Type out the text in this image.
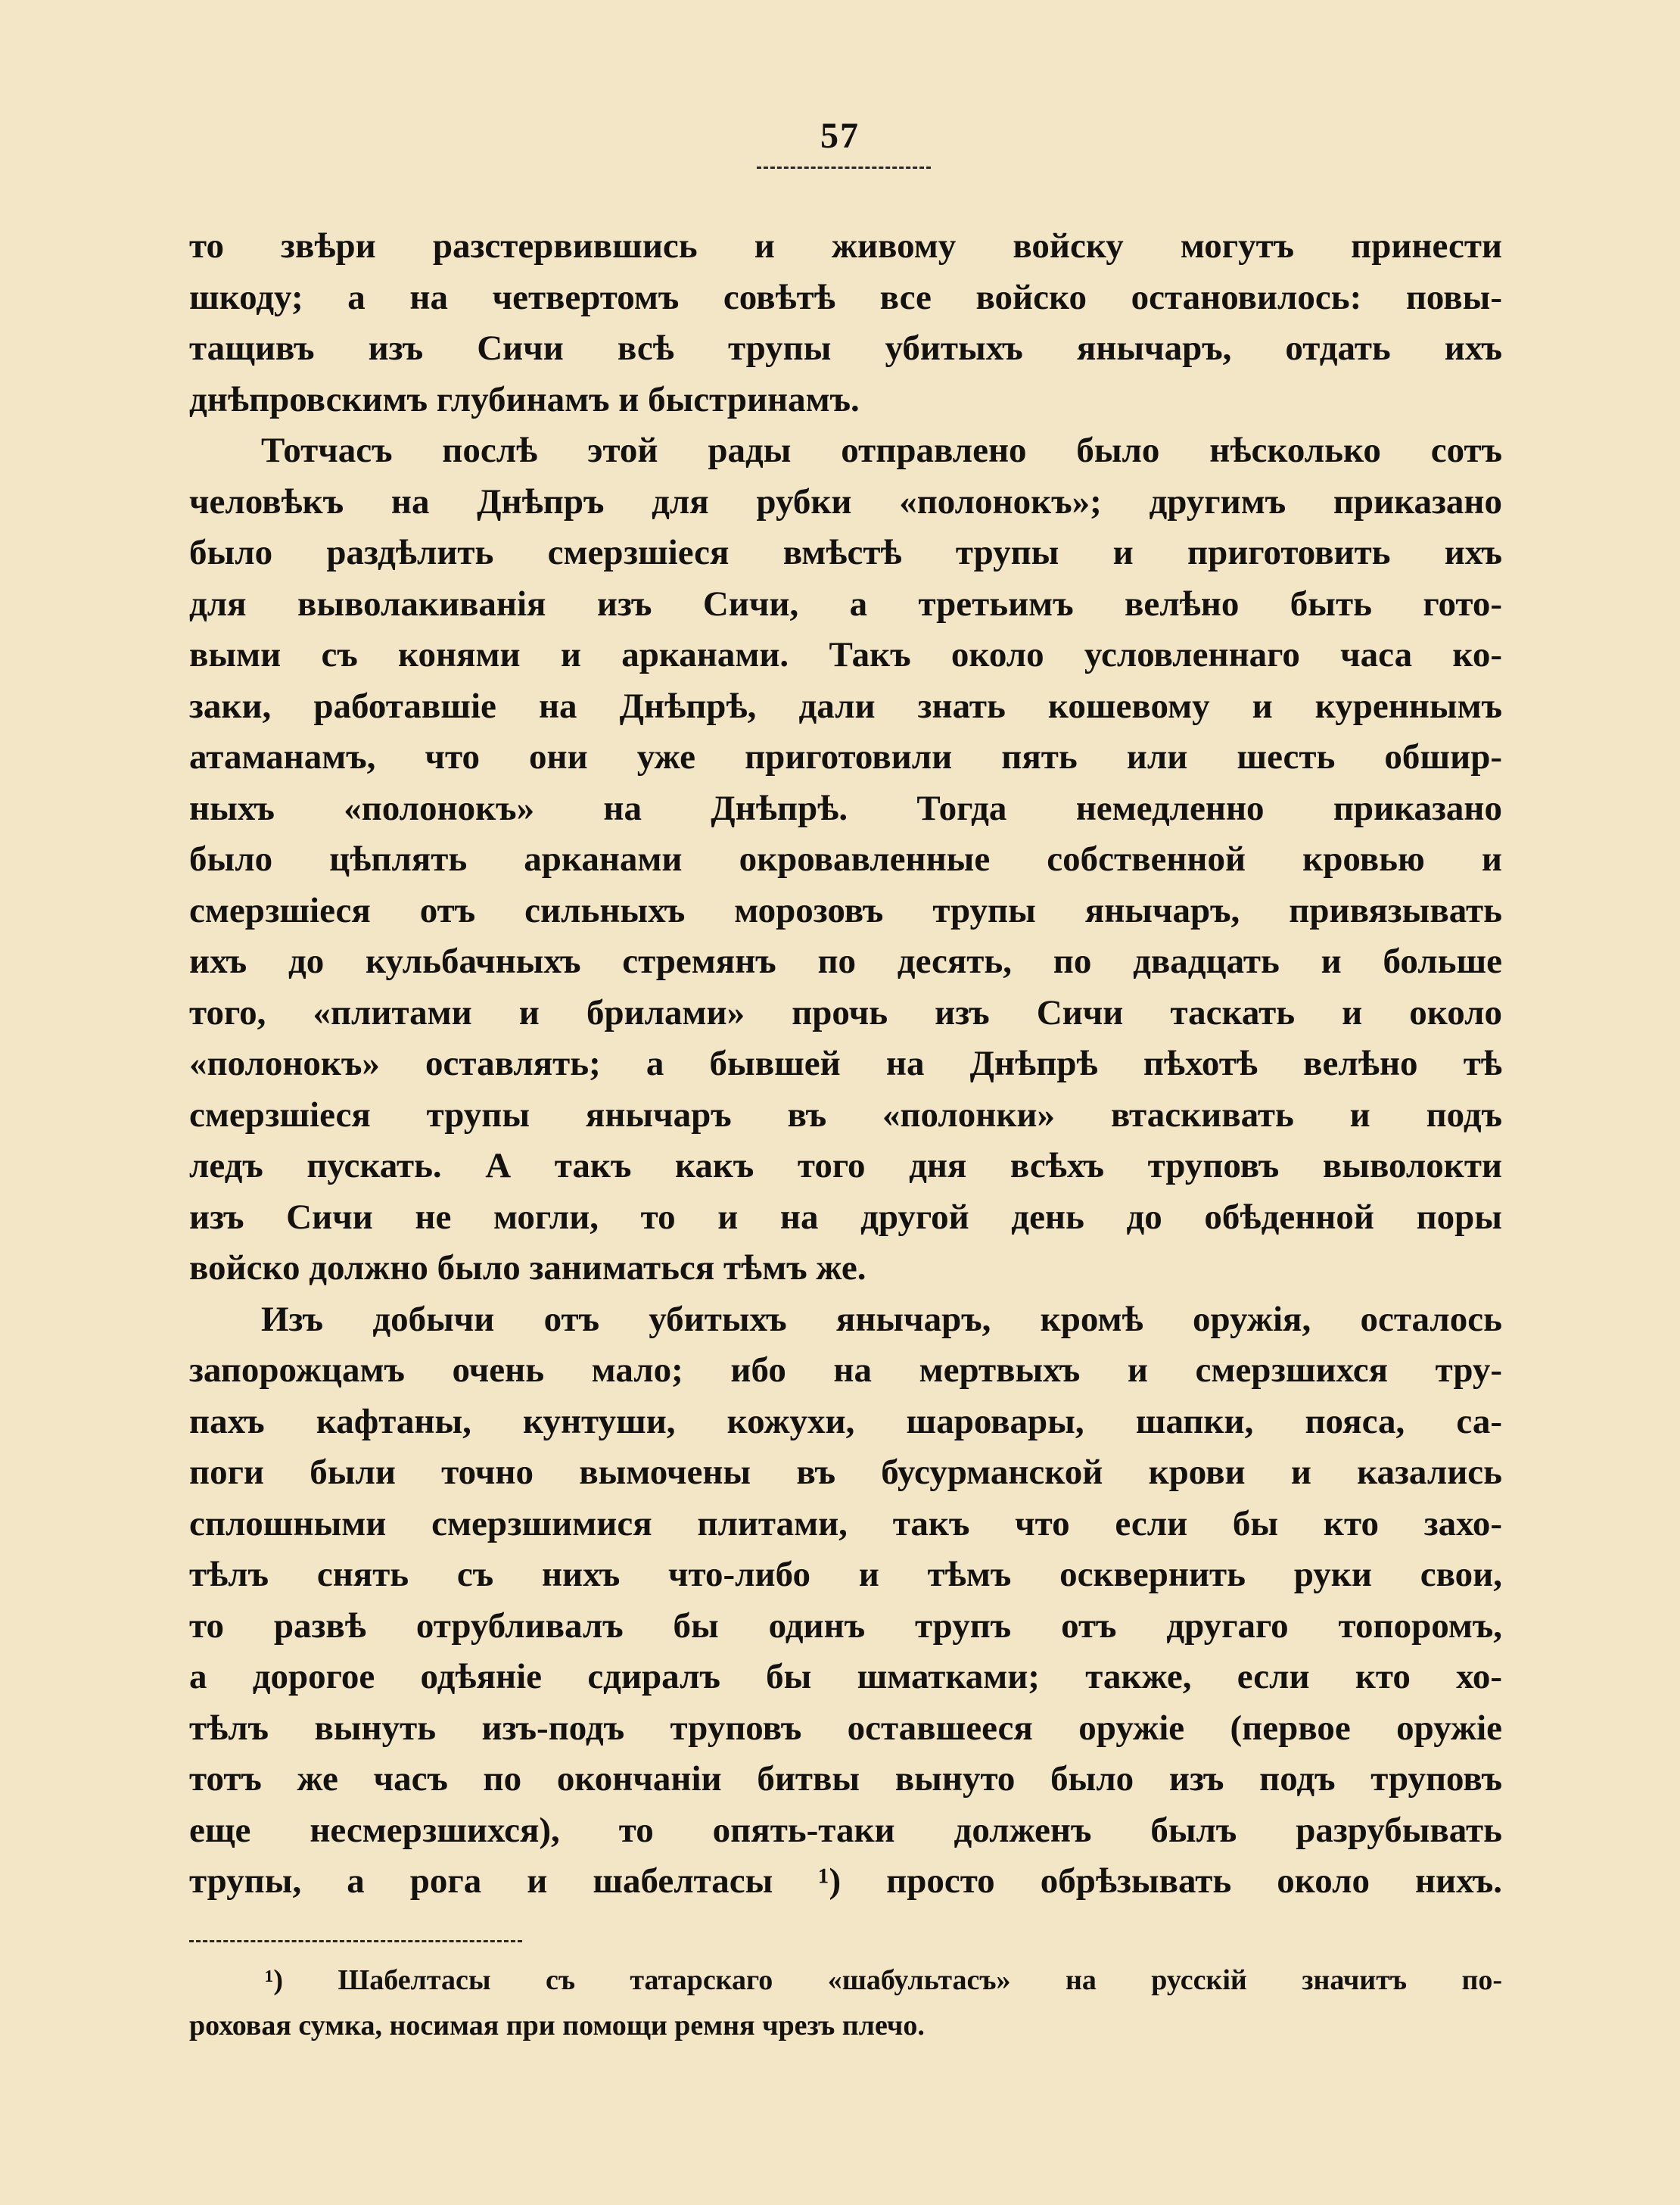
57
то звѣри разстервившись и живому войску могутъ принести
шкоду; а на четвертомъ совѣтѣ все войско остановилось: повы-
тащивъ изъ Сичи всѣ трупы убитыхъ янычаръ, отдать ихъ
днѣпровскимъ глубинамъ и быстринамъ.
Тотчасъ послѣ этой рады отправлено было нѣсколько сотъ
человѣкъ на Днѣпръ для рубки «полонокъ»; другимъ приказано
было раздѣлить смерзшіеся вмѣстѣ трупы и приготовить ихъ
для выволакиванія изъ Сичи, а третьимъ велѣно быть гото-
выми съ конями и арканами. Такъ около условленнаго часа ко-
заки, работавшіе на Днѣпрѣ, дали знать кошевому и куреннымъ
атаманамъ, что они уже приготовили пять или шесть обшир-
ныхъ «полонокъ» на Днѣпрѣ. Тогда немедленно приказано
было цѣплять арканами окровавленные собственной кровью и
смерзшіеся отъ сильныхъ морозовъ трупы янычаръ, привязывать
ихъ до кульбачныхъ стремянъ по десять, по двадцать и больше
того, «плитами и брилами» прочь изъ Сичи таскать и около
«полонокъ» оставлять; а бывшей на Днѣпрѣ пѣхотѣ велѣно тѣ
смерзшіеся трупы янычаръ въ «полонки» втаскивать и подъ
ледъ пускать. А такъ какъ того дня всѣхъ труповъ выволокти
изъ Сичи не могли, то и на другой день до обѣденной поры
войско должно было заниматься тѣмъ же.
Изъ добычи отъ убитыхъ янычаръ, кромѣ оружія, осталось
запорожцамъ очень мало; ибо на мертвыхъ и смерзшихся тру-
пахъ кафтаны, кунтуши, кожухи, шаровары, шапки, пояса, са-
поги были точно вымочены въ бусурманской крови и казались
сплошными смерзшимися плитами, такъ что если бы кто захо-
тѣлъ снять съ нихъ что-либо и тѣмъ осквернить руки свои,
то развѣ отрубливалъ бы одинъ трупъ отъ другаго топоромъ,
а дорогое одѣяніе сдиралъ бы шматками; также, если кто хо-
тѣлъ вынуть изъ-подъ труповъ оставшееся оружіе (первое оружіе
тотъ же часъ по окончаніи битвы вынуто было изъ подъ труповъ
еще несмерзшихся), то опять-таки долженъ былъ разрубывать
трупы, а рога и шабелтасы ¹) просто обрѣзывать около нихъ.
¹) Шабелтасы съ татарскаго «шабультасъ» на русскій значитъ по-
роховая сумка, носимая при помощи ремня чрезъ плечо.
